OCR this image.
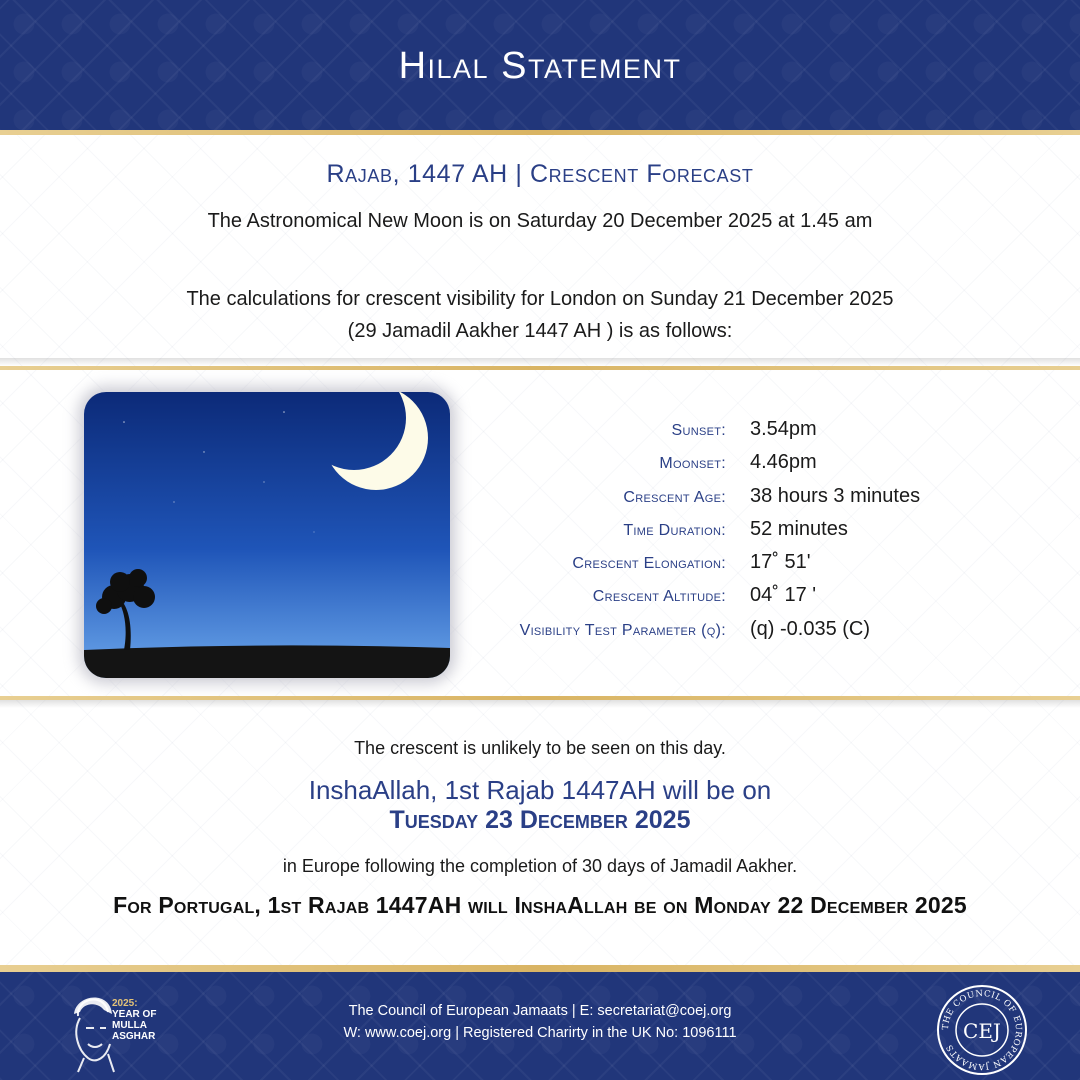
Hilal Statement
Rajab, 1447 AH | Crescent Forecast
The Astronomical New Moon is on Saturday 20 December 2025 at 1.45 am
The calculations for crescent visibility for London on Sunday 21 December 2025
(29 Jamadil Aakher 1447 AH ) is as follows:
Sunset:	3.54pm
Moonset:	4.46pm
Crescent Age:	38 hours 3 minutes
Time Duration:	52 minutes
Crescent Elongation:	17˚ 51'
Crescent Altitude:	04˚ 17 '
Visibility Test Parameter (q):	(q) -0.035 (C)
The crescent is unlikely to be seen on this day.
InshaAllah, 1st Rajab 1447AH will be on
Tuesday 23 December 2025
in Europe following the completion of 30 days of Jamadil Aakher.
For Portugal, 1st Rajab 1447AH will InshaAllah be on Monday 22 December 2025
2025:
YEAR OF
MULLA
ASGHAR
The Council of European Jamaats | E: secretariat@coej.org
W: www.coej.org | Registered Charirty in the UK No: 1096111	THE COUNCIL OF EUROPEAN JAMAATS
CEJ
